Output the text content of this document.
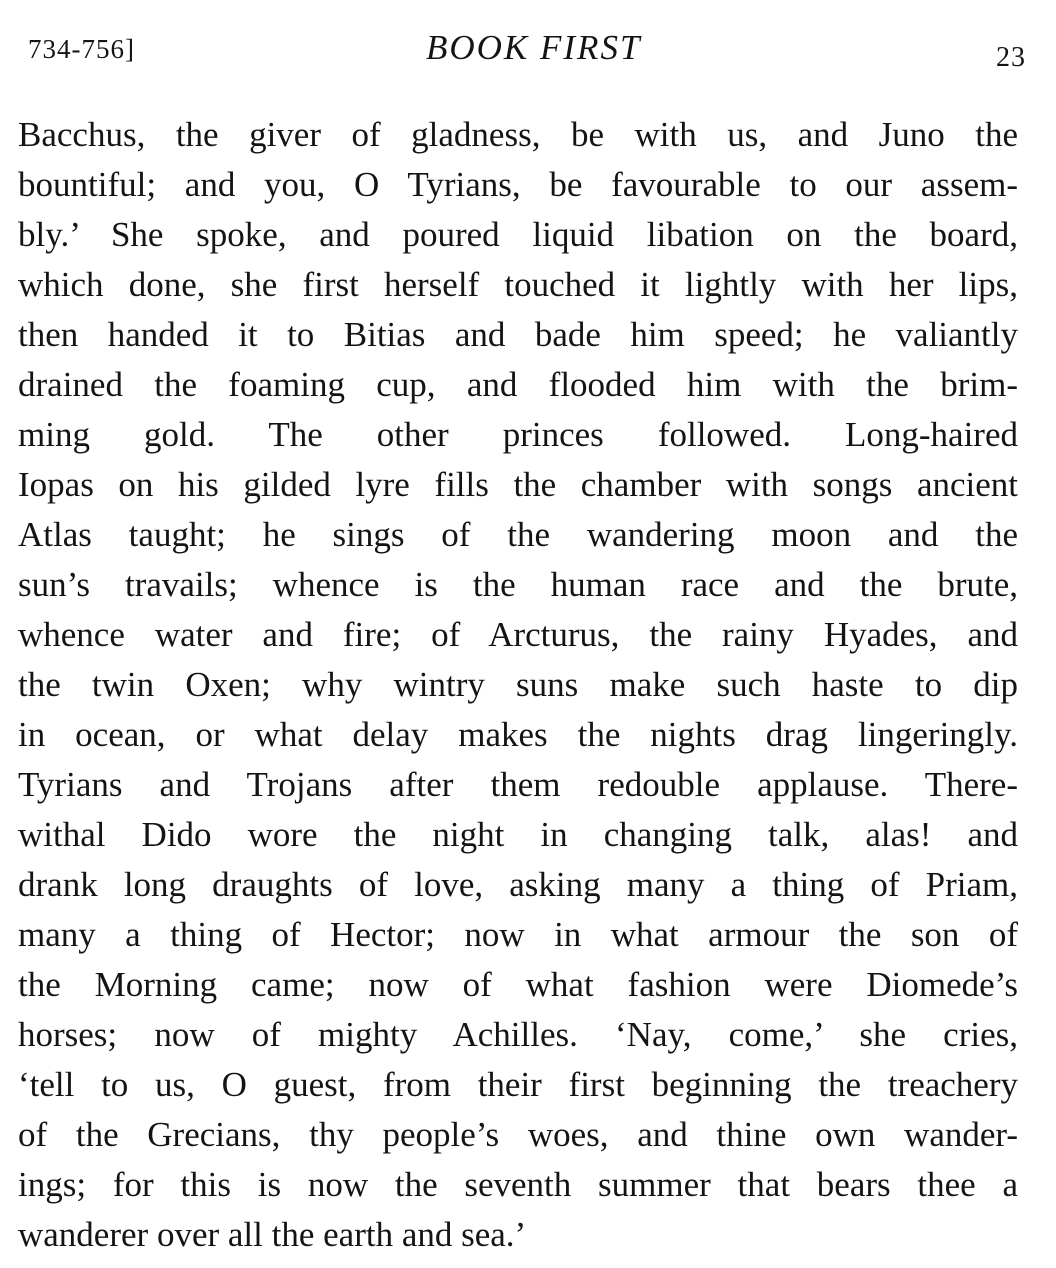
734-756]	BOOK FIRST	23
Bacchus, the giver of gladness, be with us, and Juno the
bountiful; and you, O Tyrians, be favourable to our assem-
bly.’ She spoke, and poured liquid libation on the board,
which done, she first herself touched it lightly with her lips,
then handed it to Bitias and bade him speed; he valiantly
drained the foaming cup, and flooded him with the brim-
ming gold. The other princes followed. Long-haired
Iopas on his gilded lyre fills the chamber with songs ancient
Atlas taught; he sings of the wandering moon and the
sun’s travails; whence is the human race and the brute,
whence water and fire; of Arcturus, the rainy Hyades, and
the twin Oxen; why wintry suns make such haste to dip
in ocean, or what delay makes the nights drag lingeringly.
Tyrians and Trojans after them redouble applause. There-
withal Dido wore the night in changing talk, alas! and
drank long draughts of love, asking many a thing of Priam,
many a thing of Hector; now in what armour the son of
the Morning came; now of what fashion were Diomede’s
horses; now of mighty Achilles. ‘Nay, come,’ she cries,
‘tell to us, O guest, from their first beginning the treachery
of the Grecians, thy people’s woes, and thine own wander-
ings; for this is now the seventh summer that bears thee a
wanderer over all the earth and sea.’
